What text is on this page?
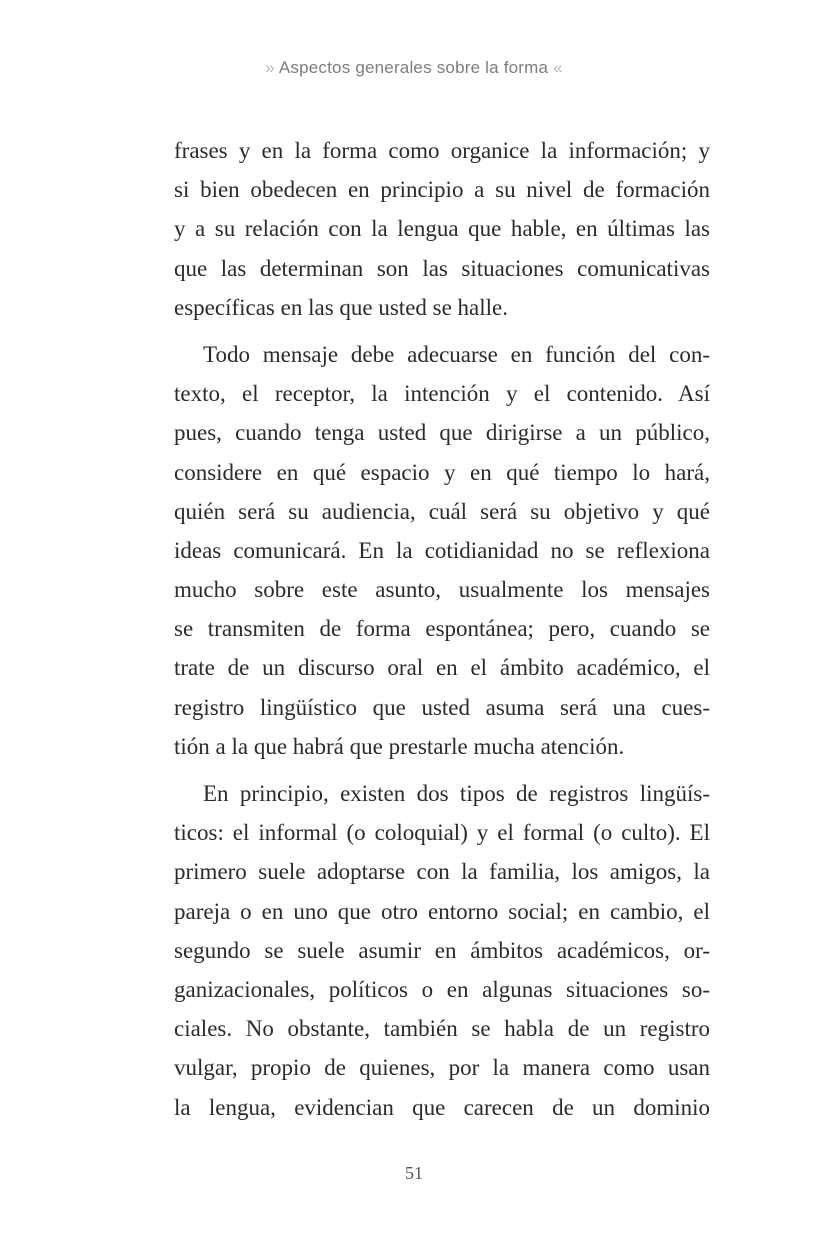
» Aspectos generales sobre la forma «
frases y en la forma como organice la información; y
si bien obedecen en principio a su nivel de formación
y a su relación con la lengua que hable, en últimas las
que las determinan son las situaciones comunicativas
específicas en las que usted se halle.
Todo mensaje debe adecuarse en función del con-
texto, el receptor, la intención y el contenido. Así
pues, cuando tenga usted que dirigirse a un público,
considere en qué espacio y en qué tiempo lo hará,
quién será su audiencia, cuál será su objetivo y qué
ideas comunicará. En la cotidianidad no se reflexiona
mucho sobre este asunto, usualmente los mensajes
se transmiten de forma espontánea; pero, cuando se
trate de un discurso oral en el ámbito académico, el
registro lingüístico que usted asuma será una cues-
tión a la que habrá que prestarle mucha atención.
En principio, existen dos tipos de registros lingüís-
ticos: el informal (o coloquial) y el formal (o culto). El
primero suele adoptarse con la familia, los amigos, la
pareja o en uno que otro entorno social; en cambio, el
segundo se suele asumir en ámbitos académicos, or-
ganizacionales, políticos o en algunas situaciones so-
ciales. No obstante, también se habla de un registro
vulgar, propio de quienes, por la manera como usan
la lengua, evidencian que carecen de un dominio
51
